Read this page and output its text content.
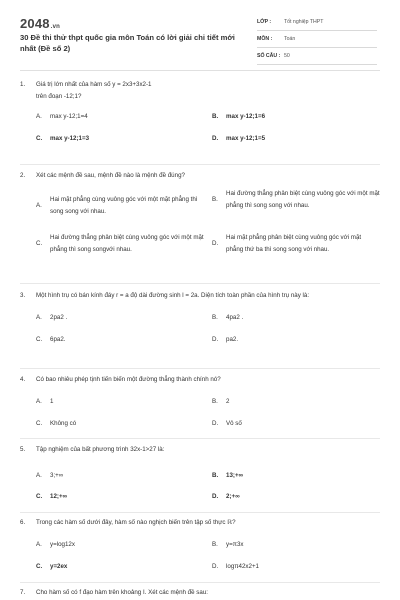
2048.vn
30 Đề thi thử thpt quốc gia môn Toán có lời giải chi tiết mới nhất (Đề số 2)
LỚP :	Tốt nghiệp THPT
MÔN :	Toán
SỐ CÂU : 50
1. Giá trị lớn nhất của hàm số y = 2x3+3x2-1
trên đoạn -12;1?
A. max y-12;1=4	B. max y-12;1=6
C. max y-12;1=3	D. max y-12;1=5
2. Xét các mệnh đề sau, mệnh đề nào là mệnh đề đúng?
A.
Hai mặt phẳng cùng vuông góc với một mặt phẳng thì song song với nhau.
B.
Hai đường thẳng phân biệt cùng vuông góc với một mặt phẳng thì song song với nhau.
C.
Hai đường thẳng phân biệt cùng vuông góc với một mặt phẳng thì song songvới nhau.
D.
Hai mặt phẳng phân biệt cùng vuông góc với mặt phẳng thứ ba thì song song với nhau.
3. Một hình trụ có bán kính đáy r = a độ dài đường sinh l = 2a. Diện tích toàn phần của hình trụ này là:
A. 2pa2 .	B. 4pa2 .
C. 6pa2.	D. pa2.
4. Có bao nhiêu phép tịnh tiến biến một đường thẳng thành chính nó?
A. 1	B. 2
C. Không có	D. Vô số
5. Tập nghiệm của bất phương trình 32x-1>27 là:
A. 3;+∞	B. 13;+∞
C. 12;+∞	D. 2;+∞
6. Trong các hàm số dưới đây, hàm số nào nghịch biến trên tập số thực ℝ?
A. y=log12x	B. y=π3x
C. y=2ex	D. logπ42x2+1
7. Cho hàm số có f đạo hàm trên khoảng I. Xét các mệnh đề sau:
